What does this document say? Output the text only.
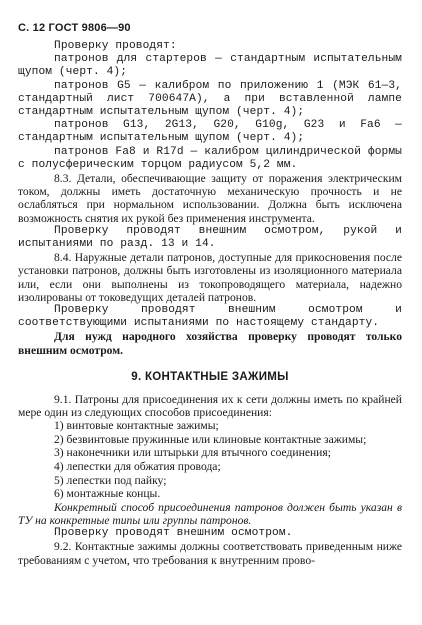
С. 12 ГОСТ 9806—90

Проверку проводят:

патронов для стартеров — стандартным испытательным щупом (черт. 4);

патронов G5 — калибром по приложению 1 (МЭК 61—3, стандартный лист 700647А), а при вставленной лампе стандартным испытательным щупом (черт. 4);

патронов G13, 2G13, G20, G10g, G23 и Fa6 — стандартным испытательным щупом (черт. 4);

патронов Fa8 и R17d — калибром цилиндрической формы с полусферическим торцом радиусом 5,2 мм.

8.3. Детали, обеспечивающие защиту от поражения электрическим током, должны иметь достаточную механическую прочность и не ослабляться при нормальном использовании. Должна быть исключена возможность снятия их рукой без применения инструмента.

Проверку проводят внешним осмотром, рукой и испытаниями по разд. 13 и 14.

8.4. Наружные детали патронов, доступные для прикосновения после установки патронов, должны быть изготовлены из изоляционного материала или, если они выполнены из токопроводящего материала, надежно изолированы от токоведущих деталей патронов.

Проверку проводят внешним осмотром и соответствующими испытаниями по настоящему стандарту.

Для нужд народного хозяйства проверку проводят только внешним осмотром.

9. КОНТАКТНЫЕ ЗАЖИМЫ

9.1. Патроны для присоединения их к сети должны иметь по крайней мере один из следующих способов присоединения:

1) винтовые контактные зажимы;
2) безвинтовые пружинные или клиновые контактные зажимы;
3) наконечники или штырьки для втычного соединения;
4) лепестки для обжатия провода;
5) лепестки под пайку;
6) монтажные концы.

Конкретный способ присоединения патронов должен быть указан в ТУ на конкретные типы или группы патронов.

Проверку проводят внешним осмотром.

9.2. Контактные зажимы должны соответствовать приведенным ниже требованиям с учетом, что требования к внутренним прово-
